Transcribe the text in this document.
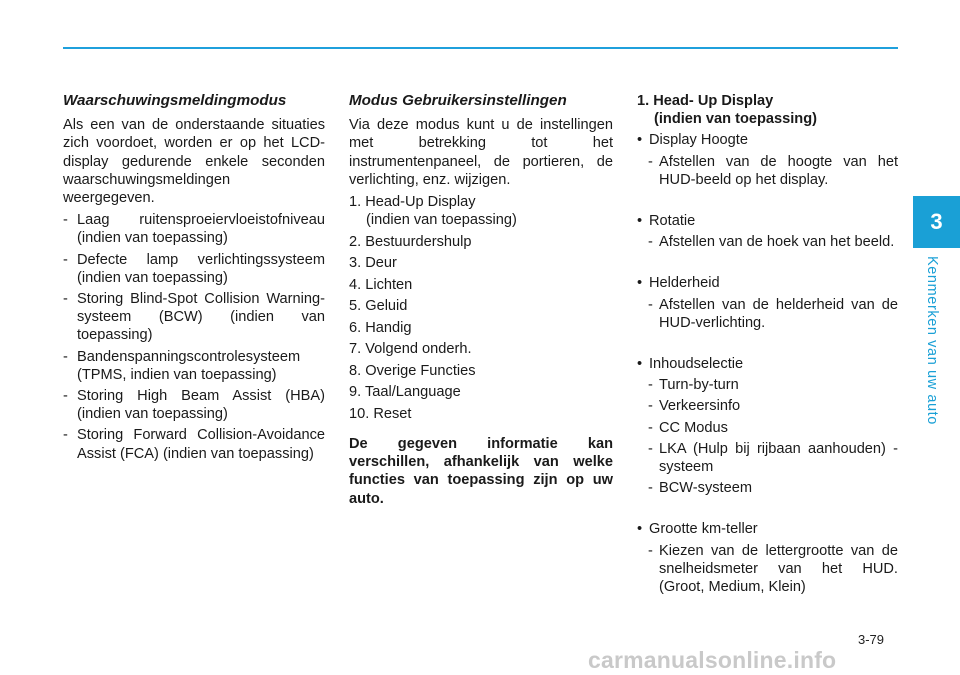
3
Kenmerken van uw auto
Waarschuwingsmeldingmodus
Als een van de onderstaande situaties zich voordoet, worden er op het LCD-display gedurende enkele seconden waarschuwingsmeldingen weergegeven.
- Laag ruitensproeiervloeistofniveau (indien van toepassing)
- Defecte lamp verlichtingssysteem (indien van toepassing)
- Storing Blind-Spot Collision Warning-systeem (BCW) (indien van toepassing)
- Bandenspanningscontrolesysteem (TPMS, indien van toepassing)
- Storing High Beam Assist (HBA) (indien van toepassing)
- Storing Forward Collision-Avoidance Assist (FCA) (indien van toepassing)
Modus Gebruikersinstellingen
Via deze modus kunt u de instellingen met betrekking tot het instrumentenpaneel, de portieren, de verlichting, enz. wijzigen.
1. Head-Up Display
(indien van toepassing)
2. Bestuurdershulp
3. Deur
4. Lichten
5. Geluid
6. Handig
7. Volgend onderh.
8. Overige Functies
9. Taal/Language
10. Reset
De gegeven informatie kan verschillen, afhankelijk van welke functies van toepassing zijn op uw auto.
1. Head- Up Display
(indien van toepassing)
• Display Hoogte
- Afstellen van de hoogte van het HUD-beeld op het display.
• Rotatie
- Afstellen van de hoek van het beeld.
• Helderheid
- Afstellen van de helderheid van de HUD-verlichting.
• Inhoudselectie
- Turn-by-turn
- Verkeersinfo
- CC Modus
- LKA (Hulp bij rijbaan aanhouden) -systeem
- BCW-systeem
• Grootte km-teller
- Kiezen van de lettergrootte van de snelheidsmeter van het HUD. (Groot, Medium, Klein)
3-79
carmanualsonline.info
